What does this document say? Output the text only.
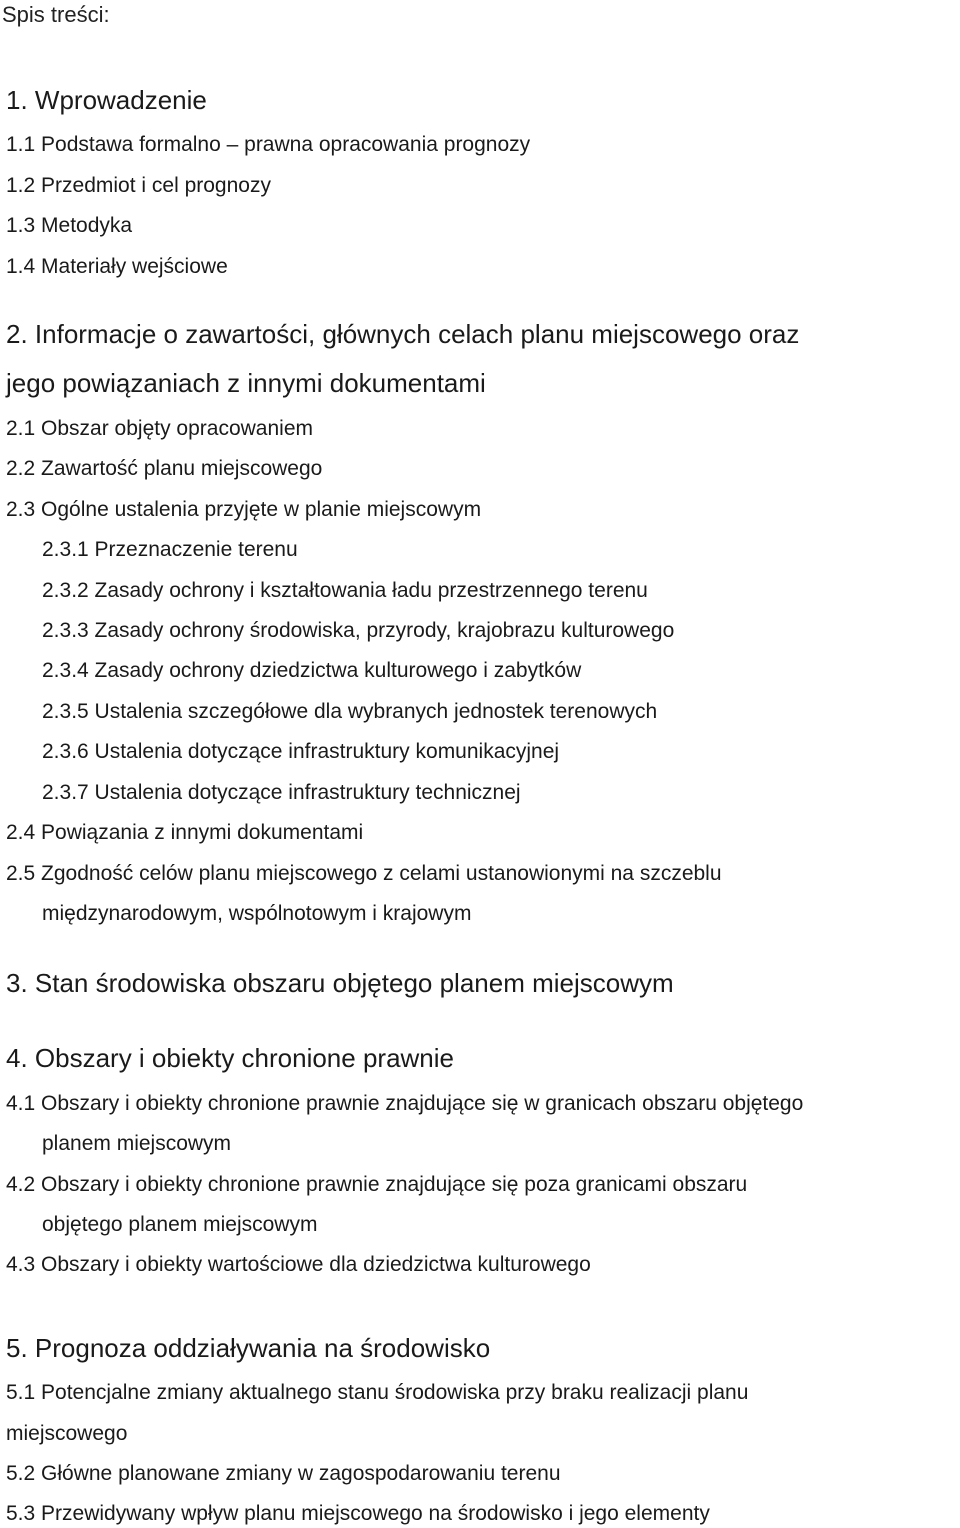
Spis treści:
1. Wprowadzenie
1.1 Podstawa formalno – prawna opracowania prognozy
1.2 Przedmiot i cel prognozy
1.3 Metodyka
1.4 Materiały wejściowe
2. Informacje o zawartości, głównych celach planu miejscowego oraz
jego powiązaniach z innymi dokumentami
2.1 Obszar objęty opracowaniem
2.2 Zawartość planu miejscowego
2.3 Ogólne ustalenia przyjęte w planie miejscowym
2.3.1 Przeznaczenie terenu
2.3.2 Zasady ochrony i kształtowania ładu przestrzennego terenu
2.3.3 Zasady ochrony środowiska, przyrody, krajobrazu kulturowego
2.3.4 Zasady ochrony dziedzictwa kulturowego i zabytków
2.3.5 Ustalenia szczegółowe dla wybranych jednostek terenowych
2.3.6 Ustalenia dotyczące infrastruktury komunikacyjnej
2.3.7 Ustalenia dotyczące infrastruktury technicznej
2.4 Powiązania z innymi dokumentami
2.5 Zgodność celów planu miejscowego z celami ustanowionymi na szczeblu
międzynarodowym, wspólnotowym i krajowym
3. Stan środowiska obszaru objętego planem miejscowym
4. Obszary i obiekty chronione prawnie
4.1 Obszary i obiekty chronione prawnie znajdujące się w granicach obszaru objętego
planem miejscowym
4.2 Obszary i obiekty chronione prawnie znajdujące się poza granicami obszaru
objętego planem miejscowym
4.3 Obszary i obiekty wartościowe dla dziedzictwa kulturowego
5. Prognoza oddziaływania na środowisko
5.1 Potencjalne zmiany aktualnego stanu środowiska przy braku realizacji planu
miejscowego
5.2 Główne planowane zmiany w zagospodarowaniu terenu
5.3 Przewidywany wpływ planu miejscowego na środowisko i jego elementy
